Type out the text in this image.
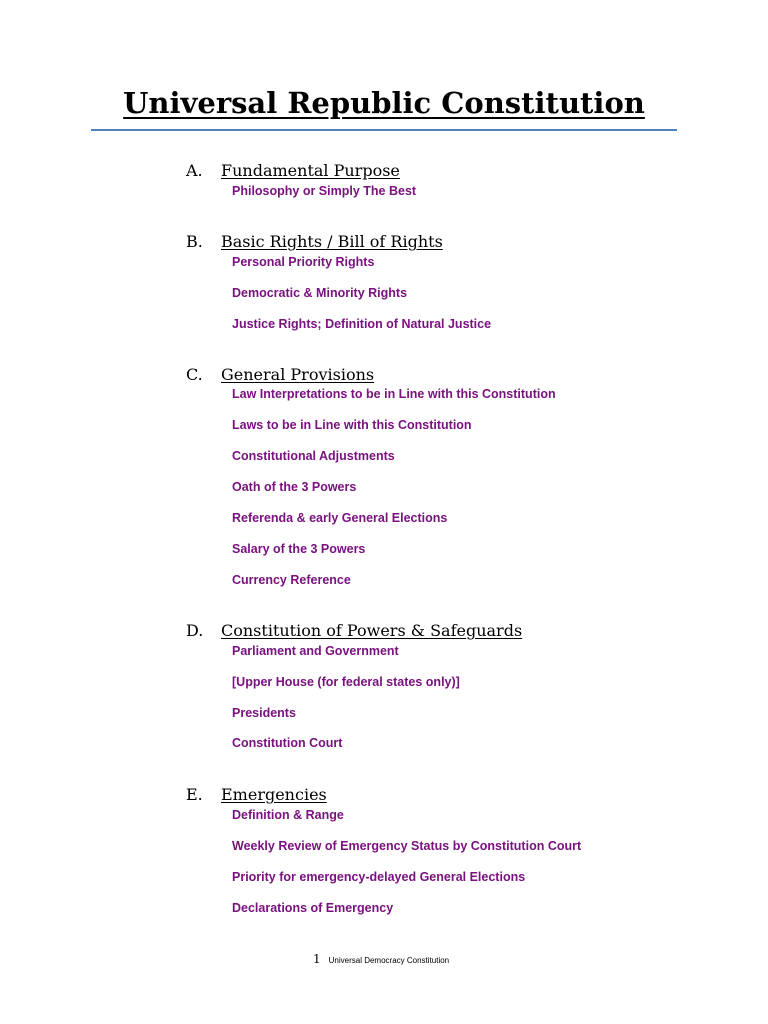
Universal Republic Constitution
A. Fundamental Purpose

Philosophy or Simply The Best

B. Basic Rights / Bill of Rights

Personal Priority Rights

Democratic & Minority Rights

Justice Rights; Definition of Natural Justice

C. General Provisions

Law Interpretations to be in Line with this Constitution

Laws to be in Line with this Constitution

Constitutional Adjustments

Oath of the 3 Powers

Referenda & early General Elections

Salary of the 3 Powers

Currency Reference

D. Constitution of Powers & Safeguards

Parliament and Government

[Upper House (for federal states only)]

Presidents

Constitution Court

E. Emergencies

Definition & Range

Weekly Review of Emergency Status by Constitution Court

Priority for emergency-delayed General Elections

Declarations of Emergency

1 Universal Democracy Constitution
